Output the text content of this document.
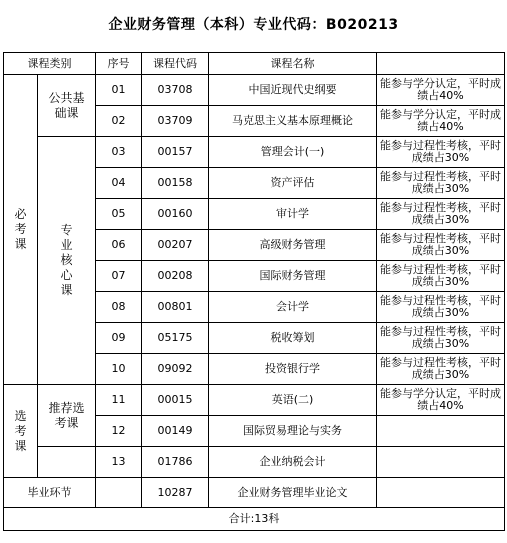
企业财务管理（本科）专业代码：B020213
课程类别		序号	课程代码	课程名称	
必考课	公共基础课	01	03708	中国近现代史纲要	能参与学分认定，平时成绩占40%
		02	03709	马克思主义基本原理概论	能参与学分认定，平时成绩占40%
	专业核心课	03	00157	管理会计(一)	能参与过程性考核，平时成绩占30%
		04	00158	资产评估	能参与过程性考核，平时成绩占30%
		05	00160	审计学	能参与过程性考核，平时成绩占30%
		06	00207	高级财务管理	能参与过程性考核，平时成绩占30%
		07	00208	国际财务管理	能参与过程性考核，平时成绩占30%
		08	00801	会计学	能参与过程性考核，平时成绩占30%
		09	05175	税收筹划	能参与过程性考核，平时成绩占30%
		10	09092	投资银行学	能参与过程性考核，平时成绩占30%
选考课	推荐选考课	11	00015	英语(二)	能参与学分认定，平时成绩占40%
		12	00149	国际贸易理论与实务	
		13	01786	企业纳税会计	
毕业环节			10287	企业财务管理毕业论文	
合计:13科					
